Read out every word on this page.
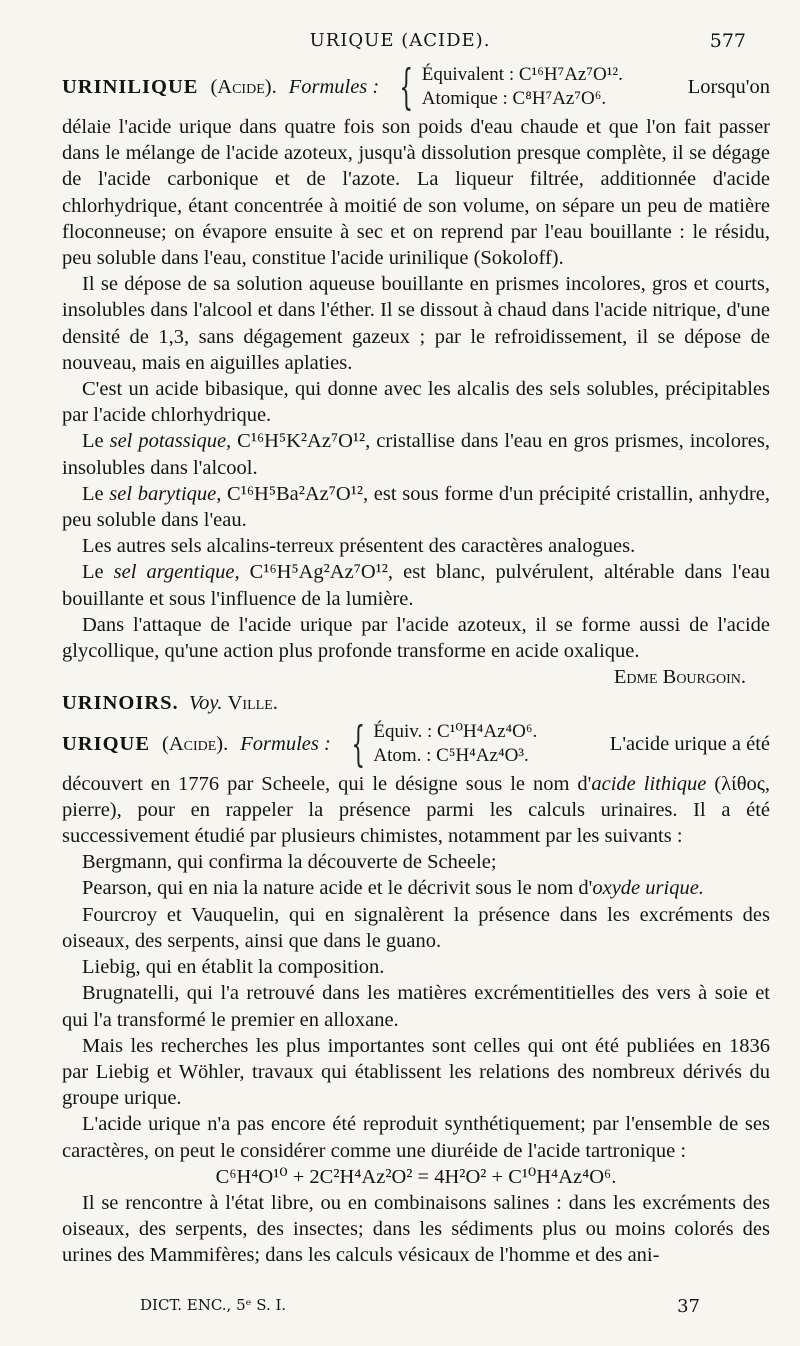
URIQUE (ACIDE).	577
URINILIQUE (Acide). Formules : { Équivalent : C¹⁶H⁷Az⁷O¹².
Atomique : C⁸H⁷Az⁷O⁶.
Lorsqu'on

délaie l'acide urique dans quatre fois son poids d'eau chaude et que l'on fait passer dans le mélange de l'acide azoteux, jusqu'à dissolution presque complète, il se dégage de l'acide carbonique et de l'azote. La liqueur filtrée, additionnée d'acide chlorhydrique, étant concentrée à moitié de son volume, on sépare un peu de matière floconneuse; on évapore ensuite à sec et on reprend par l'eau bouillante : le résidu, peu soluble dans l'eau, constitue l'acide urinilique (Sokoloff).

Il se dépose de sa solution aqueuse bouillante en prismes incolores, gros et courts, insolubles dans l'alcool et dans l'éther. Il se dissout à chaud dans l'acide nitrique, d'une densité de 1,3, sans dégagement gazeux ; par le refroidissement, il se dépose de nouveau, mais en aiguilles aplaties.

C'est un acide bibasique, qui donne avec les alcalis des sels solubles, précipitables par l'acide chlorhydrique.

Le sel potassique, C¹⁶H⁵K²Az⁷O¹², cristallise dans l'eau en gros prismes, incolores, insolubles dans l'alcool.

Le sel barytique, C¹⁶H⁵Ba²Az⁷O¹², est sous forme d'un précipité cristallin, anhydre, peu soluble dans l'eau.

Les autres sels alcalins-terreux présentent des caractères analogues.

Le sel argentique, C¹⁶H⁵Ag²Az⁷O¹², est blanc, pulvérulent, altérable dans l'eau bouillante et sous l'influence de la lumière.

Dans l'attaque de l'acide urique par l'acide azoteux, il se forme aussi de l'acide glycollique, qu'une action plus profonde transforme en acide oxalique.

Edme Bourgoin.

URINOIRS. Voy. Ville.

URIQUE (Acide). Formules : { Équiv. : C¹⁰H⁴Az⁴O⁶.
Atom. : C⁵H⁴Az⁴O³.
L'acide urique a été

découvert en 1776 par Scheele, qui le désigne sous le nom d'acide lithique (λίθος, pierre), pour en rappeler la présence parmi les calculs urinaires. Il a été successivement étudié par plusieurs chimistes, notamment par les suivants :

Bergmann, qui confirma la découverte de Scheele;

Pearson, qui en nia la nature acide et le décrivit sous le nom d'oxyde urique.

Fourcroy et Vauquelin, qui en signalèrent la présence dans les excréments des oiseaux, des serpents, ainsi que dans le guano.

Liebig, qui en établit la composition.

Brugnatelli, qui l'a retrouvé dans les matières excrémentitielles des vers à soie et qui l'a transformé le premier en alloxane.

Mais les recherches les plus importantes sont celles qui ont été publiées en 1836 par Liebig et Wöhler, travaux qui établissent les relations des nombreux dérivés du groupe urique.

L'acide urique n'a pas encore été reproduit synthétiquement; par l'ensemble de ses caractères, on peut le considérer comme une diuréide de l'acide tartronique :

C⁶H⁴O¹⁰ + 2C²H⁴Az²O² = 4H²O² + C¹⁰H⁴Az⁴O⁶.

Il se rencontre à l'état libre, ou en combinaisons salines : dans les excréments des oiseaux, des serpents, des insectes; dans les sédiments plus ou moins colorés des urines des Mammifères; dans les calculs vésicaux de l'homme et des ani-

DICT. ENC., 5ᵉ S. I.	37
